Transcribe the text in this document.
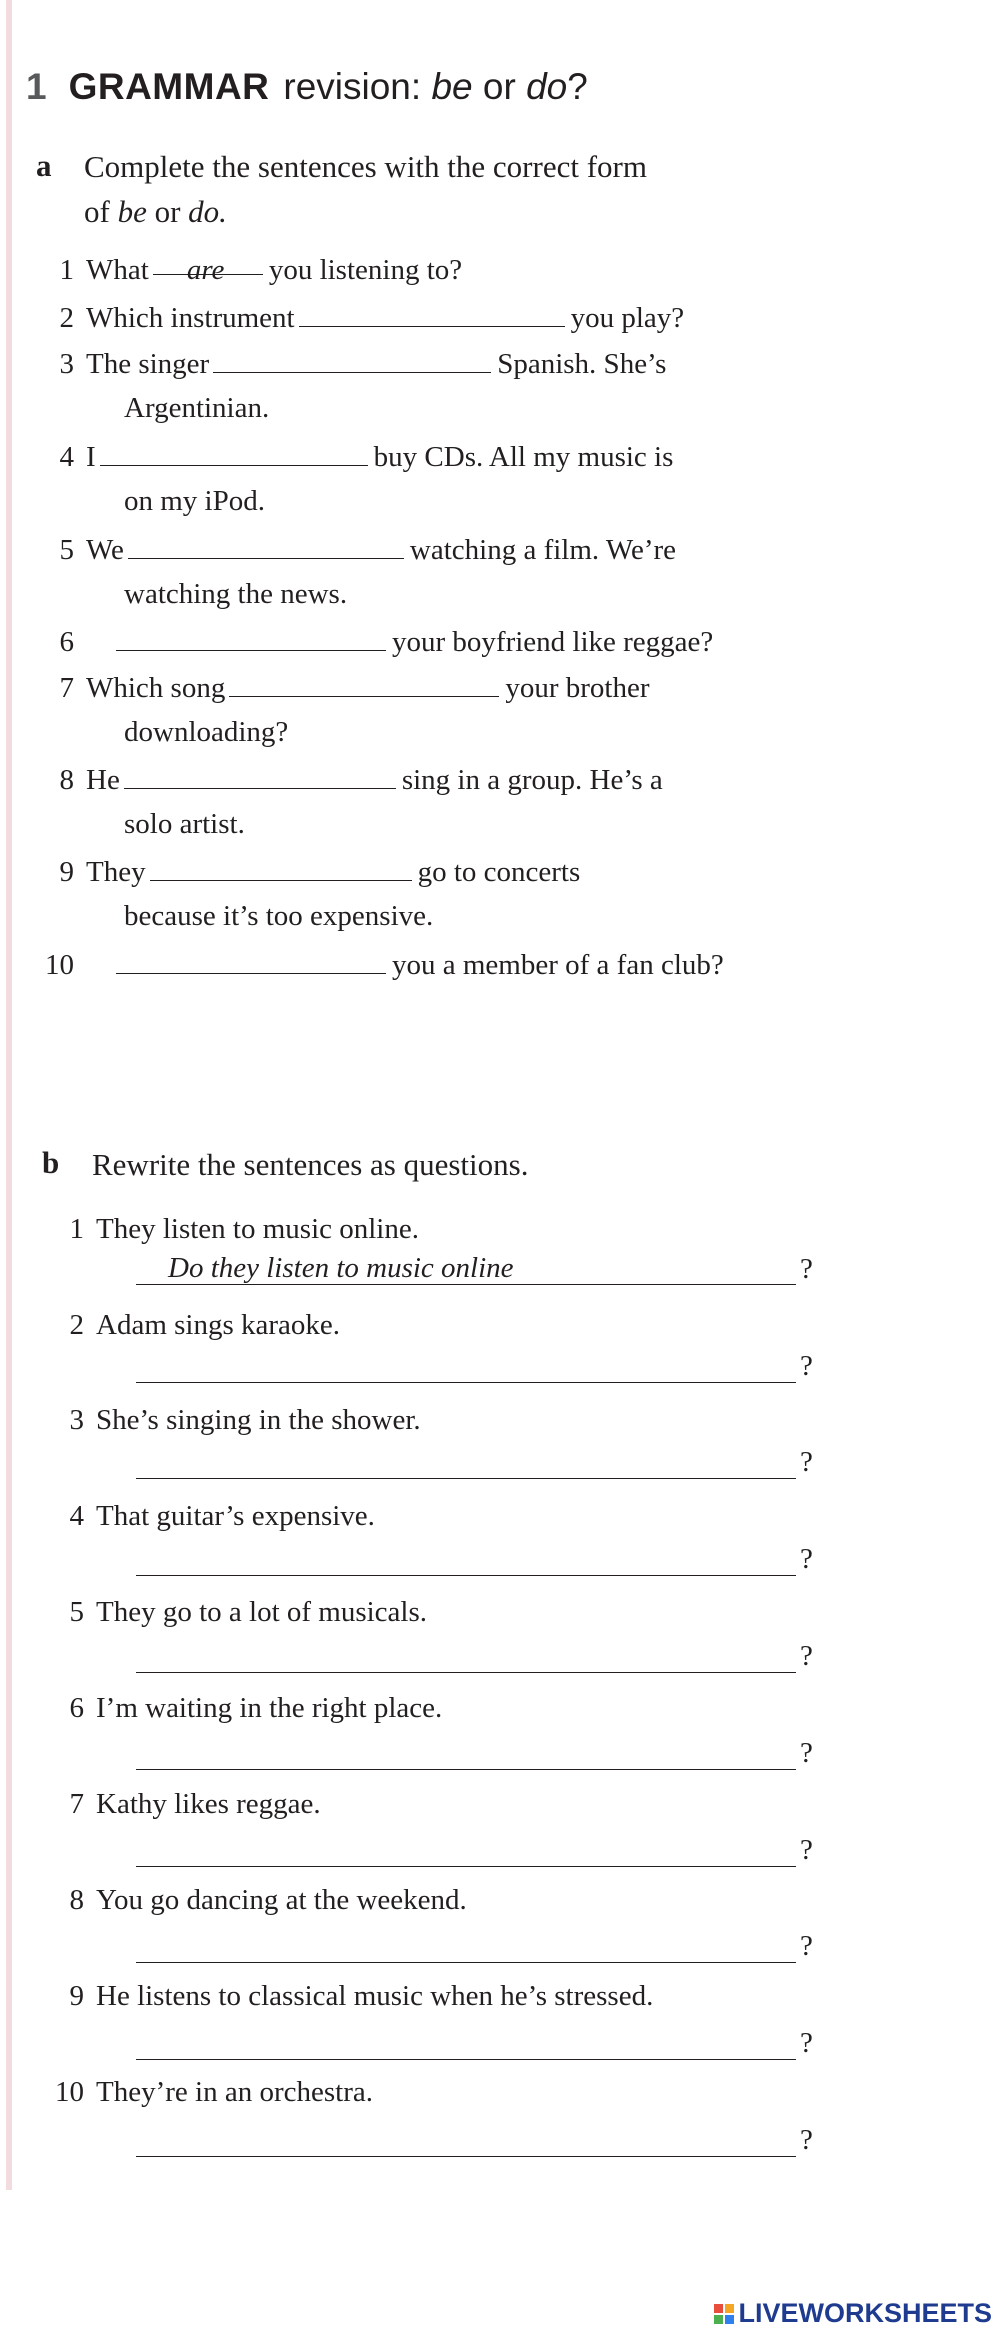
1 GRAMMAR revision: be or do?
a Complete the sentences with the correct form
of be or do.
1 What are you listening to?
2 Which instrument	you play?
3 The singer	Spanish. She’s
Argentinian.
4 I	buy CDs. All my music is
on my iPod.
5 We	watching a film. We’re
watching the news.
6	your boyfriend like reggae?
7 Which song	your brother
downloading?
8 He	sing in a group. He’s a
solo artist.
9 They	go to concerts
because it’s too expensive.
10	you a member of a fan club?
b Rewrite the sentences as questions.
1 They listen to music online.
Do they listen to music online	?
2 Adam sings karaoke.
?
3 She’s singing in the shower.
?
4 That guitar’s expensive.
?
5 They go to a lot of musicals.
?
6 I’m waiting in the right place.
?
7 Kathy likes reggae.
?
8 You go dancing at the weekend.
?
9 He listens to classical music when he’s stressed.
?
10 They’re in an orchestra.
?
LIVEWORKSHEETS
